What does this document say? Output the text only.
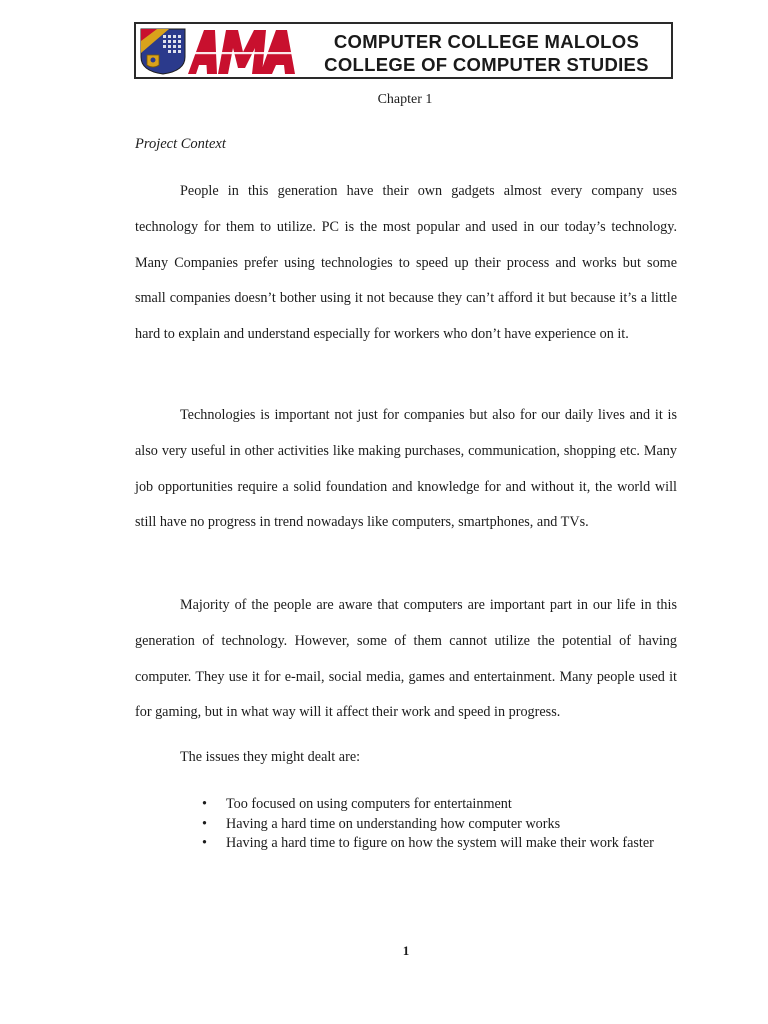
COMPUTER COLLEGE MALOLOS
COLLEGE OF COMPUTER STUDIES
Chapter 1
Project Context

People in this generation have their own gadgets almost every company uses technology for them to utilize. PC is the most popular and used in our today’s technology. Many Companies prefer using technologies to speed up their process and works but some small companies doesn’t bother using it not because they can’t afford it but because it’s a little hard to explain and understand especially for workers who don’t have experience on it.

Technologies is important not just for companies but also for our daily lives and it is also very useful in other activities like making purchases, communication, shopping etc. Many job opportunities require a solid foundation and knowledge for and without it, the world will still have no progress in trend nowadays like computers, smartphones, and TVs.

Majority of the people are aware that computers are important part in our life in this generation of technology. However, some of them cannot utilize the potential of having computer. They use it for e-mail, social media, games and entertainment. Many people used it for gaming, but in what way will it affect their work and speed in progress.

The issues they might dealt are:
• Too focused on using computers for entertainment
• Having a hard time on understanding how computer works
• Having a hard time to figure on how the system will make their work faster
1
